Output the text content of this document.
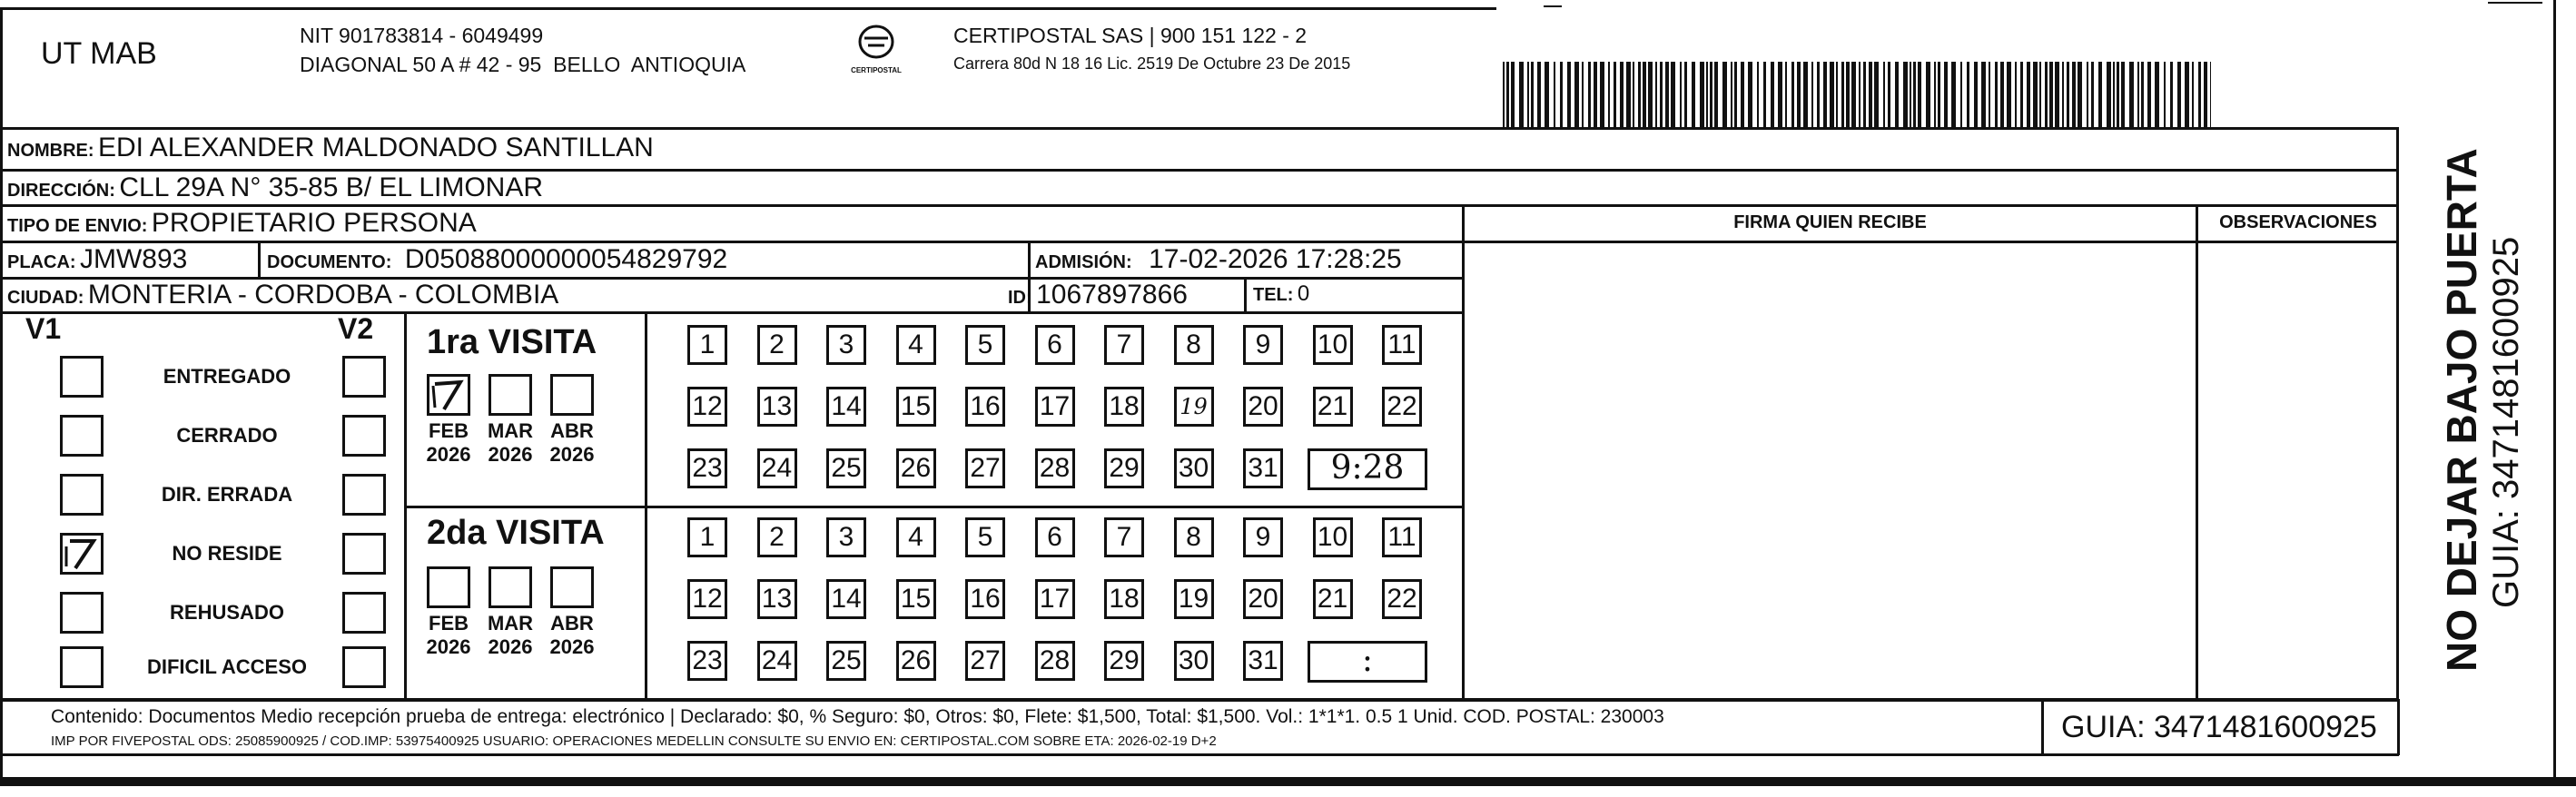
UT MAB
NIT 901783814 - 6049499
DIAGONAL 50 A # 42 - 95  BELLO  ANTIOQUIA	CERTIPOSTAL
CERTIPOSTAL SAS | 900 151 122 - 2
Carrera 80d N 18 16 Lic. 2519 De Octubre 23 De 2015
NOMBRE: EDI ALEXANDER MALDONADO SANTILLAN
DIRECCIÓN: CLL 29A N° 35-85 B/ EL LIMONAR
TIPO DE ENVIO: PROPIETARIO PERSONA
PLACA: JMW893	DOCUMENTO: D05088000000054829792	ADMISIÓN: 17-02-2026 17:28:25
CIUDAD: MONTERIA - CORDOBA - COLOMBIA	ID: 1067897866	TEL: 0
FIRMA QUIEN RECIBE	OBSERVACIONES
V1	V2 1ra VISITA
2da VISITA
Contenido: Documentos Medio recepción prueba de entrega: electrónico | Declarado: $0, % Seguro: $0, Otros: $0, Flete: $1,500, Total: $1,500. Vol.: 1*1*1. 0.5 1 Unid. COD. POSTAL: 230003
IMP POR FIVEPOSTAL ODS: 25085900925 / COD.IMP: 53975400925 USUARIO: OPERACIONES MEDELLIN CONSULTE SU ENVIO EN: CERTIPOSTAL.COM SOBRE ETA: 2026-02-19 D+2	GUIA: 3471481600925
NO DEJAR BAJO PUERTA GUIA: 3471481600925
ENTREGADO
CERRADO
DIR. ERRADA
NO RESIDE
REHUSADO
DIFICIL ACCESO
FEB
2026
MAR
2026
ABR
2026
1	2	3	4	5	6	7	8	9	10 11
12 13 14 15 16 17 18 19 20 21 22
23 24 25 26 27 28 29 30 31	9:28
FEB
2026
MAR
2026
ABR
2026
1	2	3	4	5	6	7	8	9	10 11
12 13 14 15 16 17 18 19 20 21 22
23 24 25 26 27 28 29 30 31	:
